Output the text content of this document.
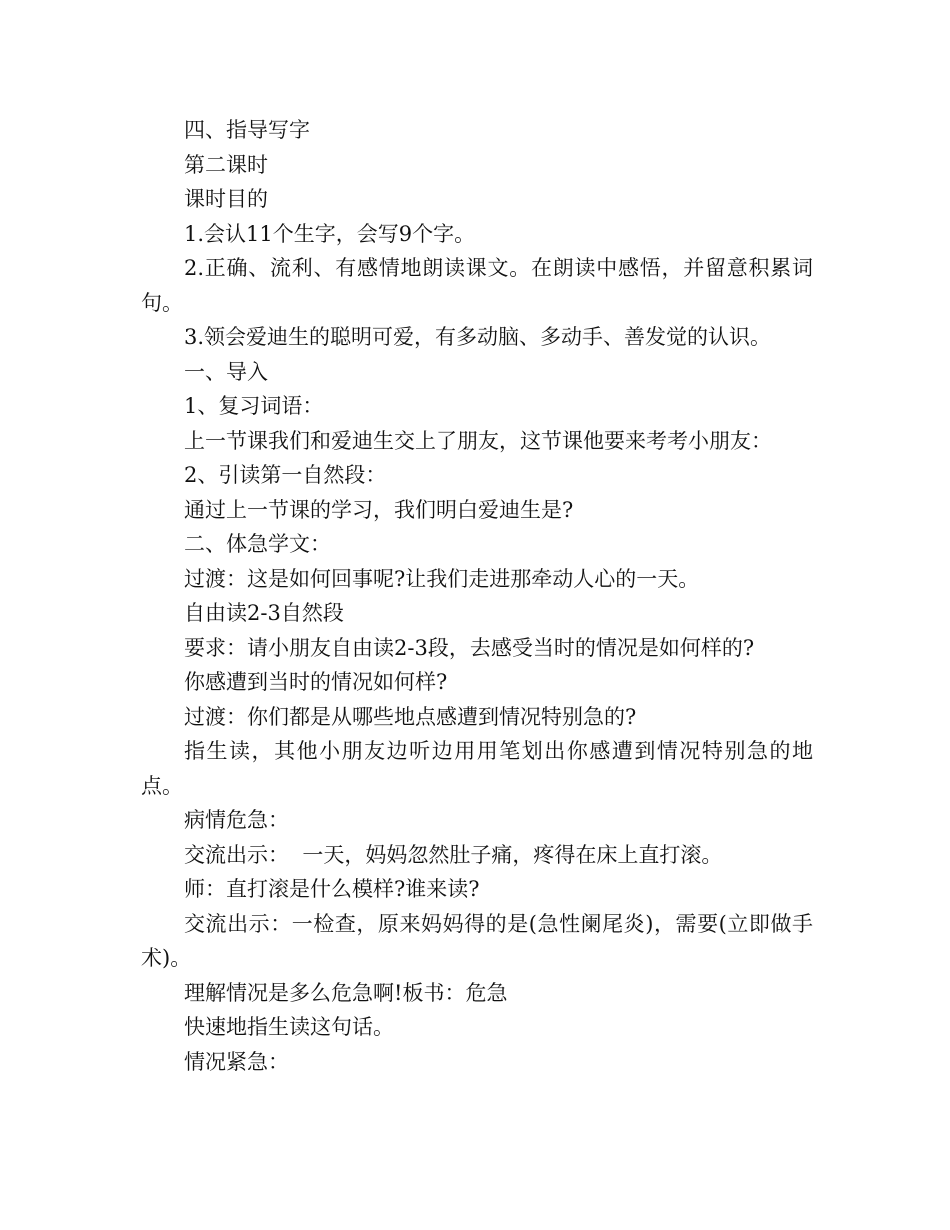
四、指导写字

第二课时

课时目的

1.会认11个生字，会写9个字。

2.正确、流利、有感情地朗读课文。在朗读中感悟，并留意积累词句。

3.领会爱迪生的聪明可爱，有多动脑、多动手、善发觉的认识。

一、导入

1、复习词语：

上一节课我们和爱迪生交上了朋友，这节课他要来考考小朋友：

2、引读第一自然段：

通过上一节课的学习，我们明白爱迪生是?

二、体急学文：

过渡：这是如何回事呢?让我们走进那牵动人心的一天。

自由读2-3自然段

要求：请小朋友自由读2-3段，去感受当时的情况是如何样的?

你感遭到当时的情况如何样?

过渡：你们都是从哪些地点感遭到情况特别急的?

指生读，其他小朋友边听边用用笔划出你感遭到情况特别急的地点。

病情危急：

交流出示：  一天，妈妈忽然肚子痛，疼得在床上直打滚。

师：直打滚是什么模样?谁来读?

交流出示：一检查，原来妈妈得的是(急性阑尾炎)，需要(立即做手术)。

理解情况是多么危急啊!板书：危急

快速地指生读这句话。

情况紧急：
